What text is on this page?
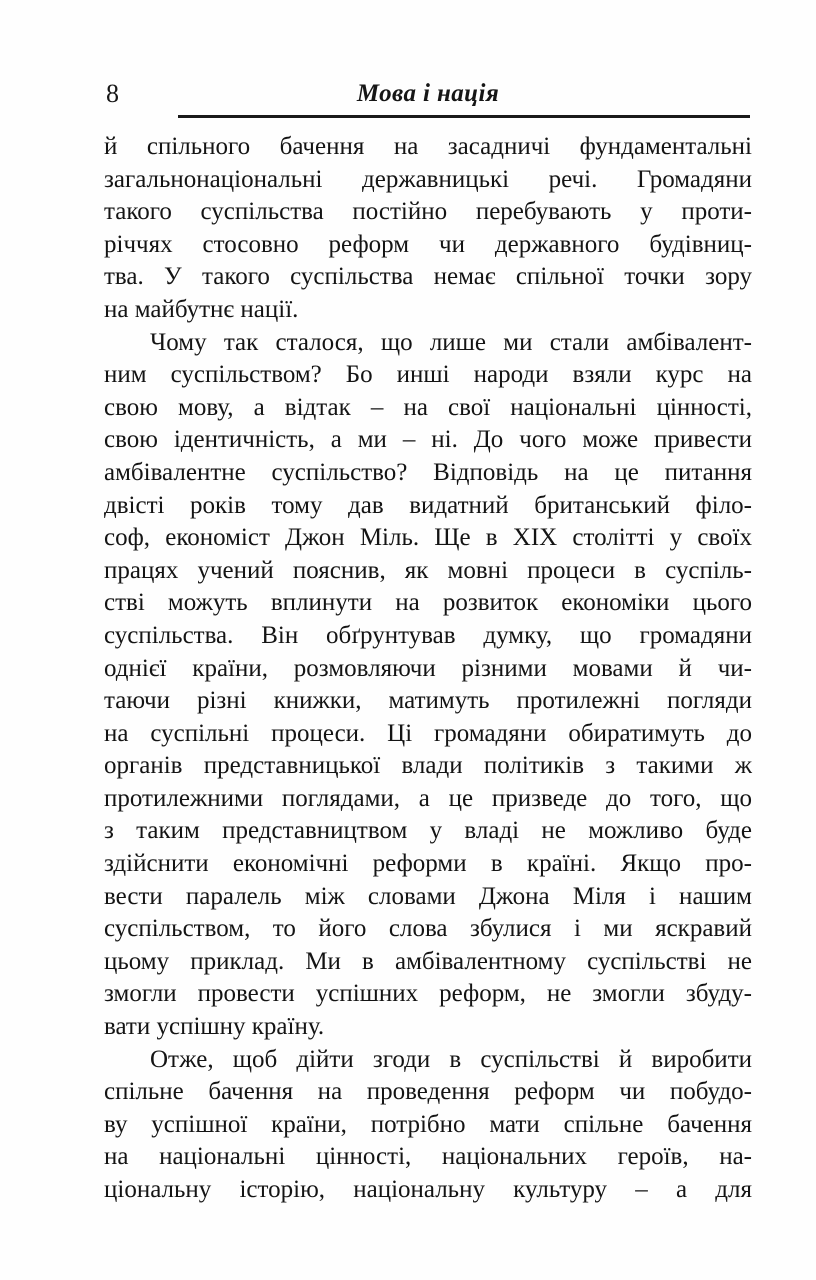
8	Мова і нація
й спільного бачення на засадничі фундаментальні
загальнонаціональні державницькі речі. Громадяни
такого суспільства постійно перебувають у проти-
річчях стосовно реформ чи державного будівниц-
тва. У такого суспільства немає спільної точки зору
на майбутнє нації.
Чому так сталося, що лише ми стали амбівалент-
ним суспільством? Бо инші народи взяли курс на
свою мову, а відтак – на свої національні цінності,
свою ідентичність, а ми – ні. До чого може привести
амбівалентне суспільство? Відповідь на це питання
двісті років тому дав видатний британський філо-
соф, економіст Джон Міль. Ще в XIX столітті у своїх
працях учений пояснив, як мовні процеси в суспіль-
стві можуть вплинути на розвиток економіки цього
суспільства. Він обґрунтував думку, що громадяни
однієї країни, розмовляючи різними мовами й чи-
таючи різні книжки, матимуть протилежні погляди
на суспільні процеси. Ці громадяни обиратимуть до
органів представницької влади політиків з такими ж
протилежними поглядами, а це призведе до того, що
з таким представництвом у владі не можливо буде
здійснити економічні реформи в країні. Якщо про-
вести паралель між словами Джона Міля і нашим
суспільством, то його слова збулися і ми яскравий
цьому приклад. Ми в амбівалентному суспільстві не
змогли провести успішних реформ, не змогли збуду-
вати успішну країну.
Отже, щоб дійти згоди в суспільстві й виробити
спільне бачення на проведення реформ чи побудо-
ву успішної країни, потрібно мати спільне бачення
на національні цінності, національних героїв, на-
ціональну історію, національну культуру – а для
